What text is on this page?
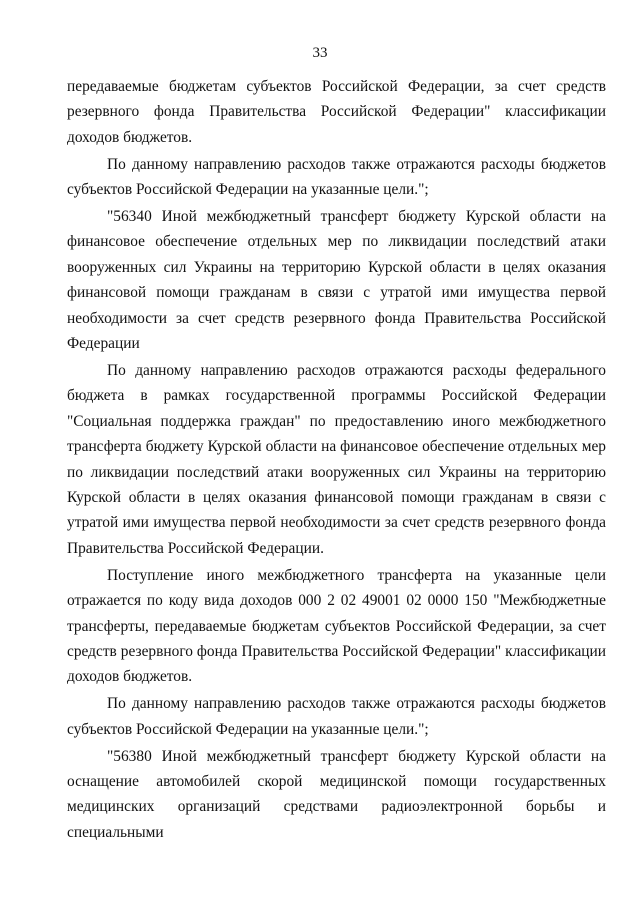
33

передаваемые бюджетам субъектов Российской Федерации, за счет средств резервного фонда Правительства Российской Федерации" классификации доходов бюджетов.

По данному направлению расходов также отражаются расходы бюджетов субъектов Российской Федерации на указанные цели.";

"56340 Иной межбюджетный трансферт бюджету Курской области на финансовое обеспечение отдельных мер по ликвидации последствий атаки вооруженных сил Украины на территорию Курской области в целях оказания финансовой помощи гражданам в связи с утратой ими имущества первой необходимости за счет средств резервного фонда Правительства Российской Федерации

По данному направлению расходов отражаются расходы федерального бюджета в рамках государственной программы Российской Федерации "Социальная поддержка граждан" по предоставлению иного межбюджетного трансферта бюджету Курской области на финансовое обеспечение отдельных мер по ликвидации последствий атаки вооруженных сил Украины на территорию Курской области в целях оказания финансовой помощи гражданам в связи с утратой ими имущества первой необходимости за счет средств резервного фонда Правительства Российской Федерации.

Поступление иного межбюджетного трансферта на указанные цели отражается по коду вида доходов 000 2 02 49001 02 0000 150 "Межбюджетные трансферты, передаваемые бюджетам субъектов Российской Федерации, за счет средств резервного фонда Правительства Российской Федерации" классификации доходов бюджетов.

По данному направлению расходов также отражаются расходы бюджетов субъектов Российской Федерации на указанные цели.";

"56380 Иной межбюджетный трансферт бюджету Курской области на оснащение автомобилей скорой медицинской помощи государственных медицинских организаций средствами радиоэлектронной борьбы и специальными
